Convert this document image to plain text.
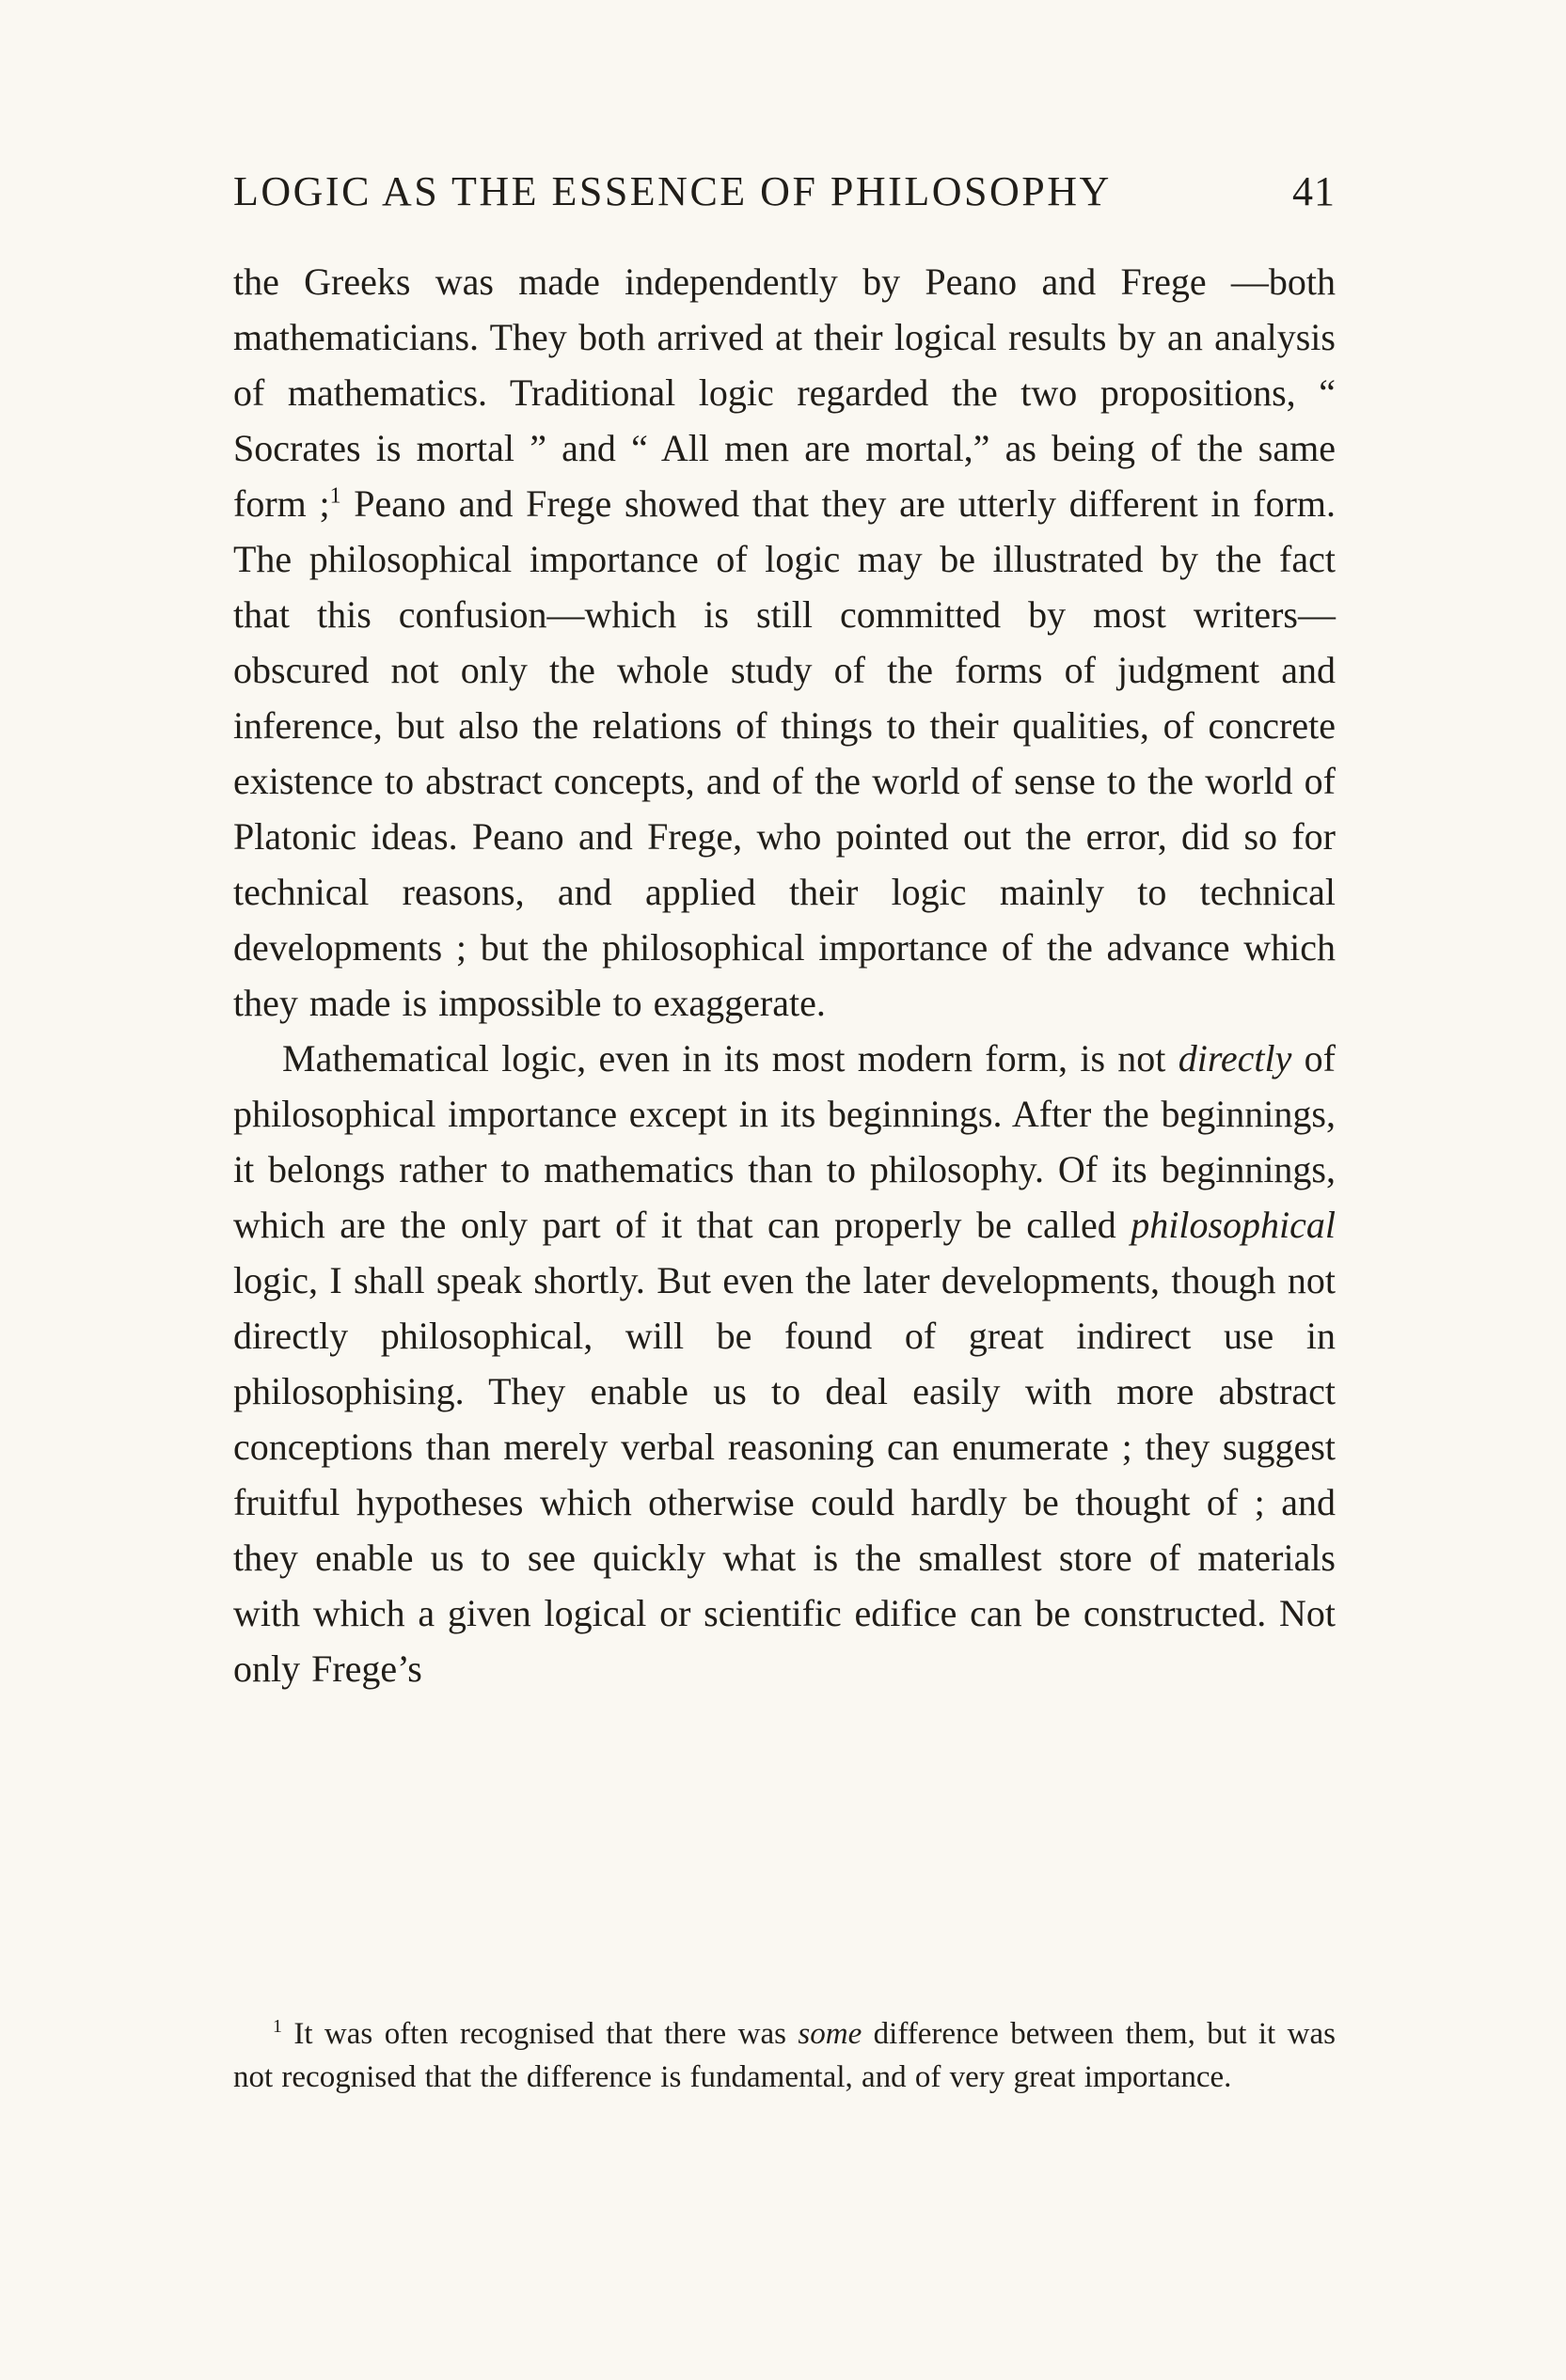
LOGIC AS THE ESSENCE OF PHILOSOPHY	41

the Greeks was made independently by Peano and Frege —both mathematicians. They both arrived at their logical results by an analysis of mathematics. Traditional logic regarded the two propositions, “ Socrates is mortal ” and “ All men are mortal,” as being of the same form ;$^1$ Peano and Frege showed that they are utterly different in form. The philosophical importance of logic may be illustrated by the fact that this confusion—which is still committed by most writers—obscured not only the whole study of the forms of judgment and inference, but also the relations of things to their qualities, of concrete existence to abstract concepts, and of the world of sense to the world of Platonic ideas. Peano and Frege, who pointed out the error, did so for technical reasons, and applied their logic mainly to technical developments ; but the philosophical importance of the advance which they made is impossible to exaggerate.

Mathematical logic, even in its most modern form, is not directly of philosophical importance except in its beginnings. After the beginnings, it belongs rather to mathematics than to philosophy. Of its beginnings, which are the only part of it that can properly be called philosophical logic, I shall speak shortly. But even the later developments, though not directly philosophical, will be found of great indirect use in philosophising. They enable us to deal easily with more abstract conceptions than merely verbal reasoning can enumerate ; they suggest fruitful hypotheses which otherwise could hardly be thought of ; and they enable us to see quickly what is the smallest store of materials with which a given logical or scientific edifice can be constructed. Not only Frege’s

$^1$ It was often recognised that there was some difference between them, but it was not recognised that the difference is fundamental, and of very great importance.
